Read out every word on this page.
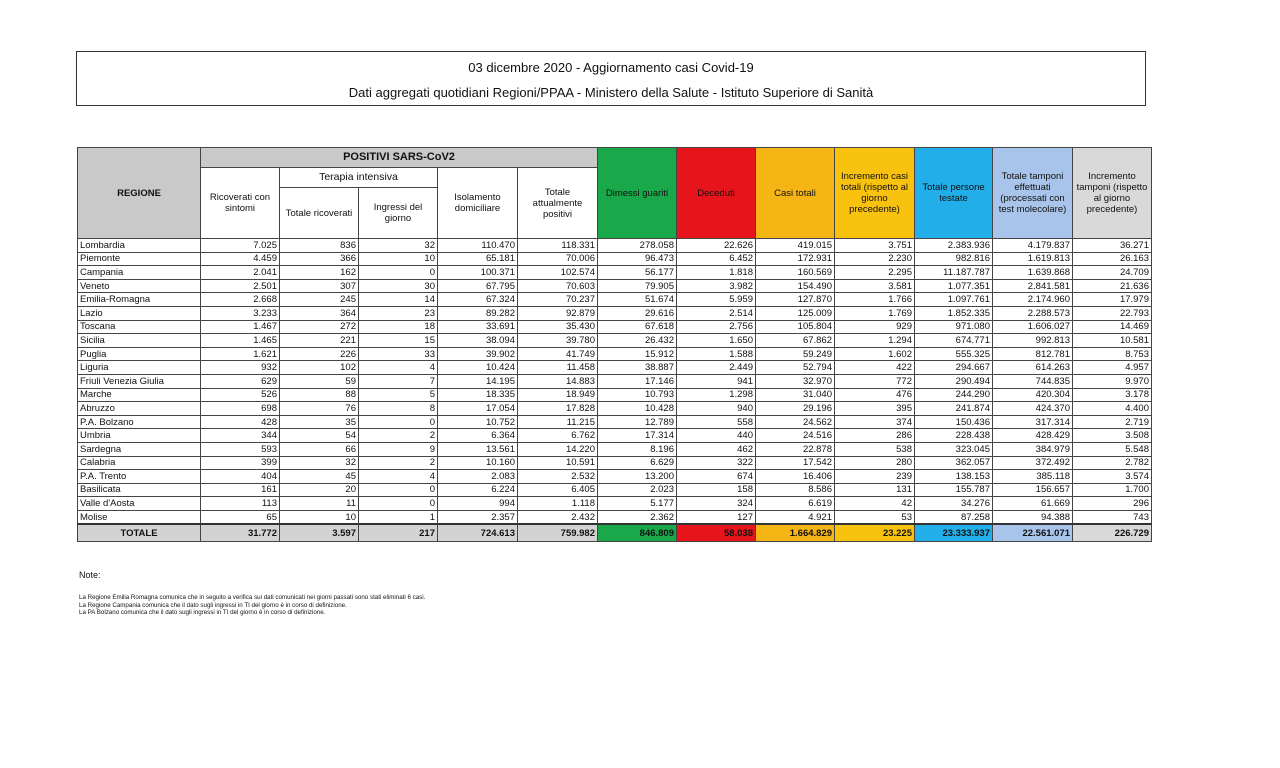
03 dicembre 2020 - Aggiornamento casi Covid-19
Dati aggregati quotidiani Regioni/PPAA - Ministero della Salute - Istituto Superiore di Sanità
REGIONE	POSITIVI SARS-CoV2					Dimessi guariti	Deceduti	Casi totali	Incremento casi totali (rispetto al giorno precedente)	Totale persone testate	Totale tamponi effettuati (processati con test molecolare)	Incremento tamponi (rispetto al giorno precedente)
	Ricoverati con sintomi	Terapia intensiva		Isolamento domiciliare	Totale attualmente positivi							
		Totale ricoverati	Ingressi del giorno									
Lombardia	7.025	836	32	110.470	118.331	278.058	22.626	419.015	3.751	2.383.936	4.179.837	36.271
Piemonte	4.459	366	10	65.181	70.006	96.473	6.452	172.931	2.230	982.816	1.619.813	26.163
Campania	2.041	162	0	100.371	102.574	56.177	1.818	160.569	2.295	11.187.787	1.639.868	24.709
Veneto	2.501	307	30	67.795	70.603	79.905	3.982	154.490	3.581	1.077.351	2.841.581	21.636
Emilia-Romagna	2.668	245	14	67.324	70.237	51.674	5.959	127.870	1.766	1.097.761	2.174.960	17.979
Lazio	3.233	364	23	89.282	92.879	29.616	2.514	125.009	1.769	1.852.335	2.288.573	22.793
Toscana	1.467	272	18	33.691	35.430	67.618	2.756	105.804	929	971.080	1.606.027	14.469
Sicilia	1.465	221	15	38.094	39.780	26.432	1.650	67.862	1.294	674.771	992.813	10.581
Puglia	1.621	226	33	39.902	41.749	15.912	1.588	59.249	1.602	555.325	812.781	8.753
Liguria	932	102	4	10.424	11.458	38.887	2.449	52.794	422	294.667	614.263	4.957
Friuli Venezia Giulia	629	59	7	14.195	14.883	17.146	941	32.970	772	290.494	744.835	9.970
Marche	526	88	5	18.335	18.949	10.793	1.298	31.040	476	244.290	420.304	3.178
Abruzzo	698	76	8	17.054	17.828	10.428	940	29.196	395	241.874	424.370	4.400
P.A. Bolzano	428	35	0	10.752	11.215	12.789	558	24.562	374	150.436	317.314	2.719
Umbria	344	54	2	6.364	6.762	17.314	440	24.516	286	228.438	428.429	3.508
Sardegna	593	66	9	13.561	14.220	8.196	462	22.878	538	323.045	384.979	5.548
Calabria	399	32	2	10.160	10.591	6.629	322	17.542	280	362.057	372.492	2.782
P.A. Trento	404	45	4	2.083	2.532	13.200	674	16.406	239	138.153	385.118	3.574
Basilicata	161	20	0	6.224	6.405	2.023	158	8.586	131	155.787	156.657	1.700
Valle d'Aosta	113	11	0	994	1.118	5.177	324	6.619	42	34.276	61.669	296
Molise	65	10	1	2.357	2.432	2.362	127	4.921	53	87.258	94.388	743
TOTALE	31.772	3.597	217	724.613	759.982	846.809	58.038	1.664.829	23.225	23.333.937	22.561.071	226.729
Note:
La Regione Emilia Romagna comunica che in seguito a verifica sui dati comunicati nei giorni passati sono stati eliminati 6 casi.
La Regione Campania comunica che il dato sugli ingressi in TI del giorno è in corso di definizione.
La PA Bolzano comunica che il dato sugli ingressi in TI del giorno è in corso di definizione.
